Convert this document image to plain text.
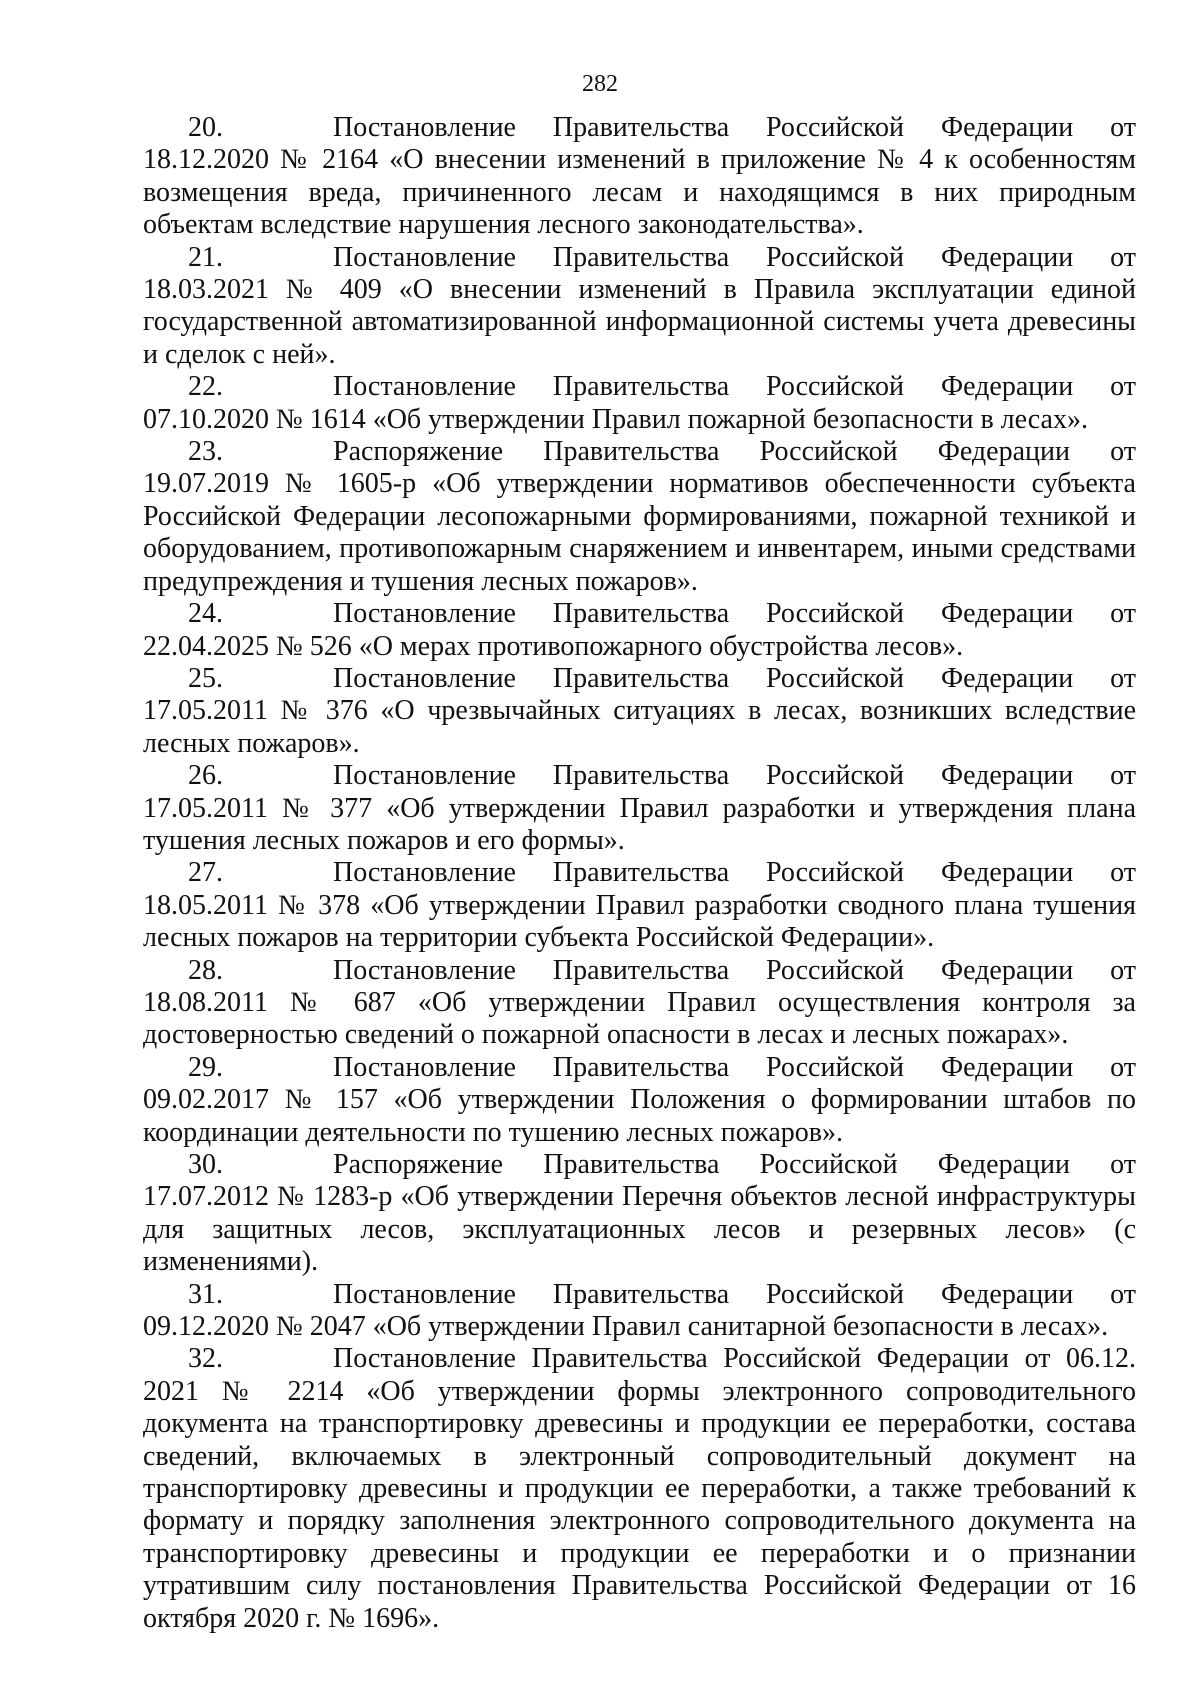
282

20.	Постановление Правительства Российской Федерации от 18.12.2020 № 2164 «О внесении изменений в приложение № 4 к особенностям возмещения вреда, причиненного лесам и находящимся в них природным объектам вследствие нарушения лесного законодательства».

21.	Постановление Правительства Российской Федерации от 18.03.2021 № 409 «О внесении изменений в Правила эксплуатации единой государственной автоматизированной информационной системы учета древесины и сделок с ней».

22.	Постановление Правительства Российской Федерации от 07.10.2020 № 1614 «Об утверждении Правил пожарной безопасности в лесах».

23.	Распоряжение Правительства Российской Федерации от 19.07.2019 № 1605-р «Об утверждении нормативов обеспеченности субъекта Российской Федерации лесопожарными формированиями, пожарной техникой и оборудованием, противопожарным снаряжением и инвентарем, иными средствами предупреждения и тушения лесных пожаров».

24.	Постановление Правительства Российской Федерации от 22.04.2025 № 526 «О мерах противопожарного обустройства лесов».

25.	Постановление Правительства Российской Федерации от 17.05.2011 № 376 «О чрезвычайных ситуациях в лесах, возникших вследствие лесных пожаров».

26.	Постановление Правительства Российской Федерации от 17.05.2011 № 377 «Об утверждении Правил разработки и утверждения плана тушения лесных пожаров и его формы».

27.	Постановление Правительства Российской Федерации от 18.05.2011 № 378 «Об утверждении Правил разработки сводного плана тушения лесных пожаров на территории субъекта Российской Федерации».

28.	Постановление Правительства Российской Федерации от 18.08.2011 № 687 «Об утверждении Правил осуществления контроля за достоверностью сведений о пожарной опасности в лесах и лесных пожарах».

29.	Постановление Правительства Российской Федерации от 09.02.2017 № 157 «Об утверждении Положения о формировании штабов по координации деятельности по тушению лесных пожаров».

30.	Распоряжение Правительства Российской Федерации от 17.07.2012 № 1283-р «Об утверждении Перечня объектов лесной инфраструктуры для защитных лесов, эксплуатационных лесов и резервных лесов» (с изменениями).

31.	Постановление Правительства Российской Федерации от 09.12.2020 № 2047 «Об утверждении Правил санитарной безопасности в лесах».

32.	Постановление Правительства Российской Федерации от 06.12. 2021 № 2214 «Об утверждении формы электронного сопроводительного документа на транспортировку древесины и продукции ее переработки, состава сведений, включаемых в электронный сопроводительный документ на транспортировку древесины и продукции ее переработки, а также требований к формату и порядку заполнения электронного сопроводительного документа на транспортировку древесины и продукции ее переработки и о признании утратившим силу постановления Правительства Российской Федерации от 16 октября 2020 г. № 1696».
